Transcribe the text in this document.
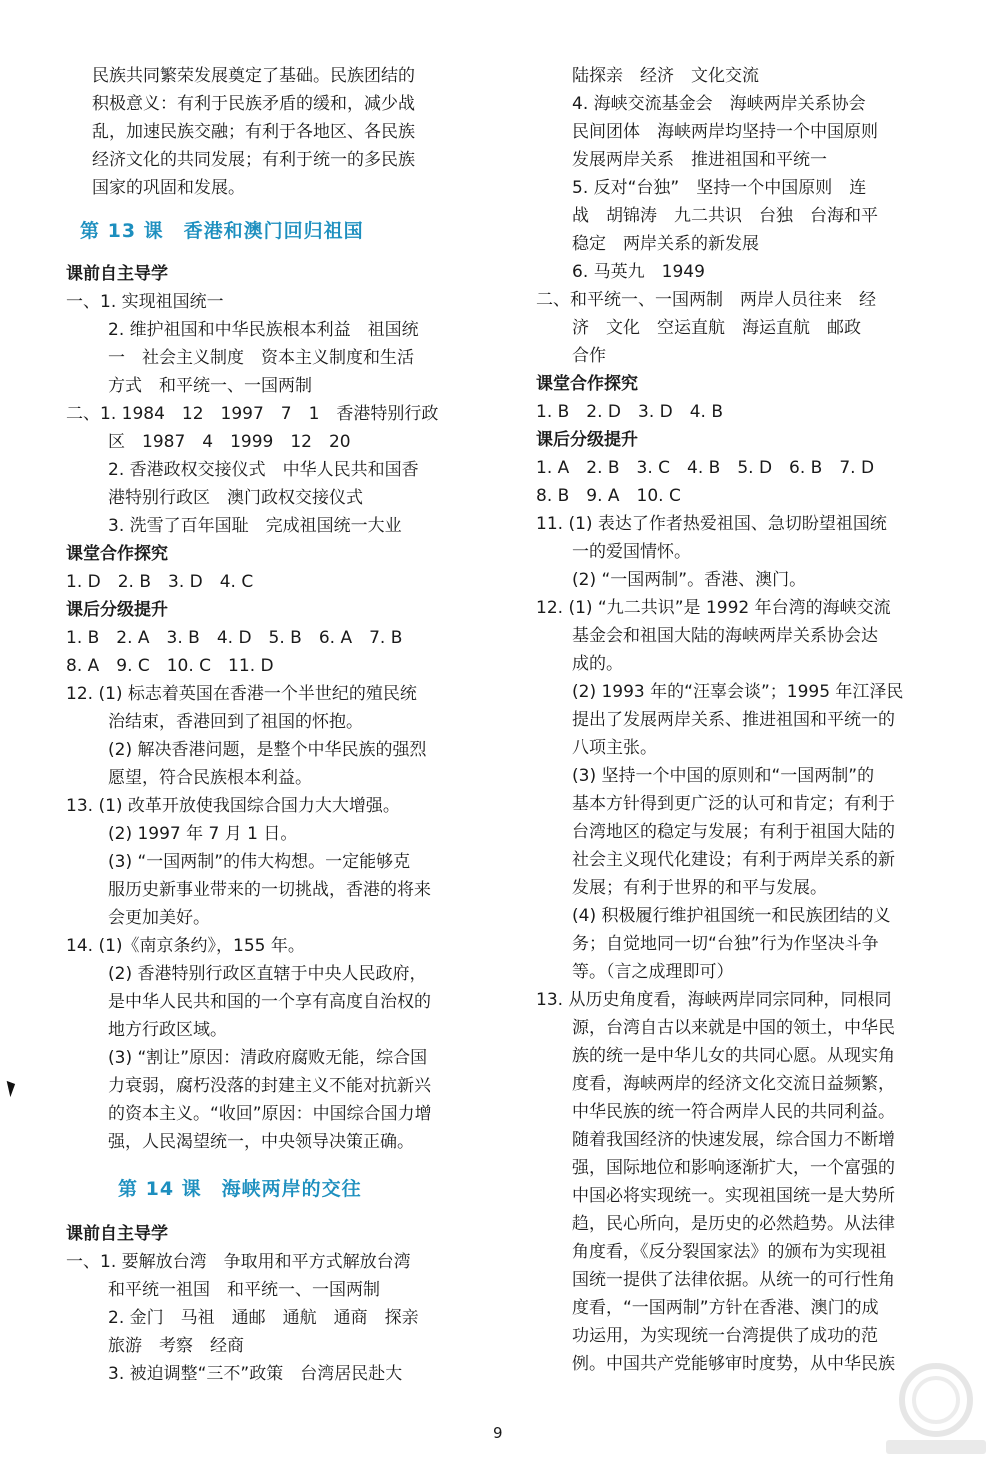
民族共同繁荣发展奠定了基础。民族团结的
积极意义：有利于民族矛盾的缓和，减少战
乱，加速民族交融；有利于各地区、各民族
经济文化的共同发展；有利于统一的多民族
国家的巩固和发展。
第 13 课　香港和澳门回归祖国
课前自主导学
一、1. 实现祖国统一
2. 维护祖国和中华民族根本利益　祖国统
一　社会主义制度　资本主义制度和生活
方式　和平统一、一国两制
二、1. 1984　12　1997　7　1　香港特别行政
区　1987　4　1999　12　20
2. 香港政权交接仪式　中华人民共和国香
港特别行政区　澳门政权交接仪式
3. 洗雪了百年国耻　完成祖国统一大业
课堂合作探究
1. D　2. B　3. D　4. C
课后分级提升
1. B　2. A　3. B　4. D　5. B　6. A　7. B
8. A　9. C　10. C　11. D
12. (1) 标志着英国在香港一个半世纪的殖民统
治结束，香港回到了祖国的怀抱。
(2) 解决香港问题，是整个中华民族的强烈
愿望，符合民族根本利益。
13. (1) 改革开放使我国综合国力大大增强。
(2) 1997 年 7 月 1 日。
(3) “一国两制”的伟大构想。一定能够克
服历史新事业带来的一切挑战，香港的将来
会更加美好。
14. (1)《南京条约》，155 年。
(2) 香港特别行政区直辖于中央人民政府，
是中华人民共和国的一个享有高度自治权的
地方行政区域。
(3) “割让”原因：清政府腐败无能，综合国
力衰弱，腐朽没落的封建主义不能对抗新兴
的资本主义。“收回”原因：中国综合国力增
强，人民渴望统一，中央领导决策正确。
第 14 课　海峡两岸的交往
课前自主导学
一、1. 要解放台湾　争取用和平方式解放台湾
和平统一祖国　和平统一、一国两制
2. 金门　马祖　通邮　通航　通商　探亲
旅游　考察　经商
3. 被迫调整“三不”政策　台湾居民赴大
陆探亲　经济　文化交流
4. 海峡交流基金会　海峡两岸关系协会
民间团体　海峡两岸均坚持一个中国原则
发展两岸关系　推进祖国和平统一
5. 反对“台独”　坚持一个中国原则　连
战　胡锦涛　九二共识　台独　台海和平
稳定　两岸关系的新发展
6. 马英九　1949
二、和平统一、一国两制　两岸人员往来　经
济　文化　空运直航　海运直航　邮政
合作
课堂合作探究
1. B　2. D　3. D　4. B
课后分级提升
1. A　2. B　3. C　4. B　5. D　6. B　7. D
8. B　9. A　10. C
11. (1) 表达了作者热爱祖国、急切盼望祖国统
一的爱国情怀。
(2) “一国两制”。香港、澳门。
12. (1) “九二共识”是 1992 年台湾的海峡交流
基金会和祖国大陆的海峡两岸关系协会达
成的。
(2) 1993 年的“汪辜会谈”；1995 年江泽民
提出了发展两岸关系、推进祖国和平统一的
八项主张。
(3) 坚持一个中国的原则和“一国两制”的
基本方针得到更广泛的认可和肯定；有利于
台湾地区的稳定与发展；有利于祖国大陆的
社会主义现代化建设；有利于两岸关系的新
发展；有利于世界的和平与发展。
(4) 积极履行维护祖国统一和民族团结的义
务；自觉地同一切“台独”行为作坚决斗争
等。（言之成理即可）
13. 从历史角度看，海峡两岸同宗同种，同根同
源，台湾自古以来就是中国的领土，中华民
族的统一是中华儿女的共同心愿。从现实角
度看，海峡两岸的经济文化交流日益频繁，
中华民族的统一符合两岸人民的共同利益。
随着我国经济的快速发展，综合国力不断增
强，国际地位和影响逐渐扩大，一个富强的
中国必将实现统一。实现祖国统一是大势所
趋，民心所向，是历史的必然趋势。从法律
角度看，《反分裂国家法》的颁布为实现祖
国统一提供了法律依据。从统一的可行性角
度看，“一国两制”方针在香港、澳门的成
功运用，为实现统一台湾提供了成功的范
例。中国共产党能够审时度势，从中华民族
9
